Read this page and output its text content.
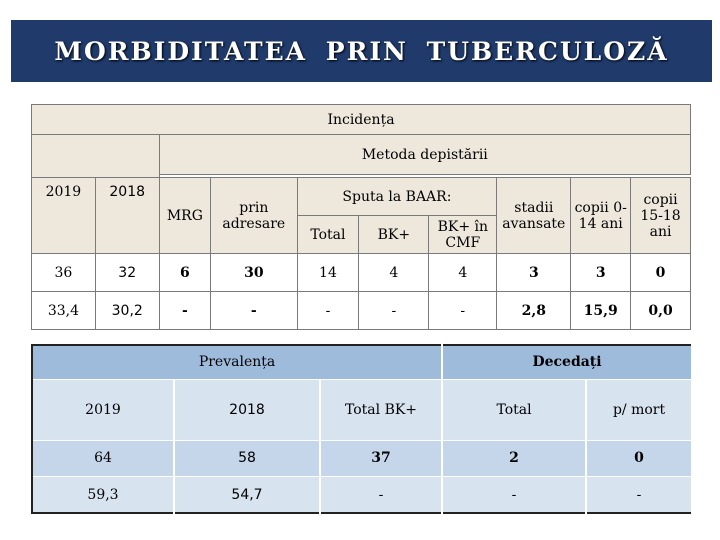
MORBIDITATEA PRIN TUBERCULOZĂ
Incidența									
		Metoda depistării							

2019	2018	MRG	prin adresare	Sputa la BAAR:			stadii avansate	copii 0-14 ani	copii 15-18 ani
				Total	BK+	BK+ în CMF			
36	32	6	30	14	4	4	3	3	0
33,4	30,2	-	-	-	-	-	2,8	15,9	0,0
Prevalența			Decedați	
2019	2018	Total BK+	Total	p/ mort
64	58	37	2	0
59,3	54,7	-	-	-
